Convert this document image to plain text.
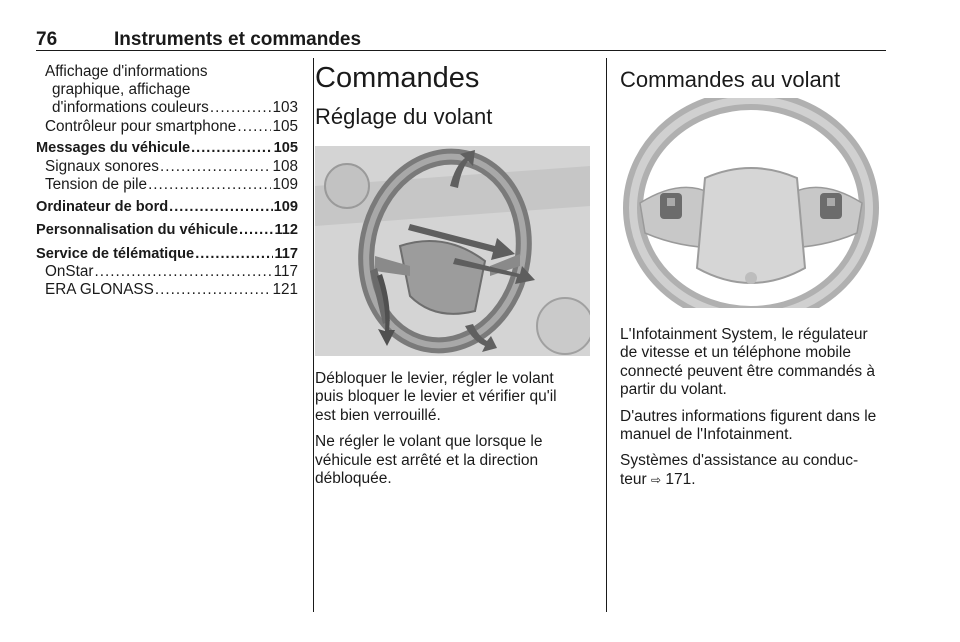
76	Instruments et commandes
Affichage d'informations
graphique, affichage
d'informations couleurs .....	103
Contrôleur pour smartphone ..... 105
Messages du véhicule .....	105
Signaux sonores .....	108
Tension de pile .....	109
Ordinateur de bord .....	109
Personnalisation du véhicule .....	112
Service de télématique .....	117
OnStar .....	117
ERA GLONASS .....	121
Commandes
Réglage du volant

Débloquer le levier, régler le volant
puis bloquer le levier et vérifier qu'il
est bien verrouillé.

Ne régler le volant que lorsque le
véhicule est arrêté et la direction
débloquée.

Commandes au volant

L'Infotainment System, le régulateur
de vitesse et un téléphone mobile
connecté peuvent être commandés à
partir du volant.

D'autres informations figurent dans le
manuel de l'Infotainment.

Systèmes d'assistance au conduc-
teur ⇨ 171.
